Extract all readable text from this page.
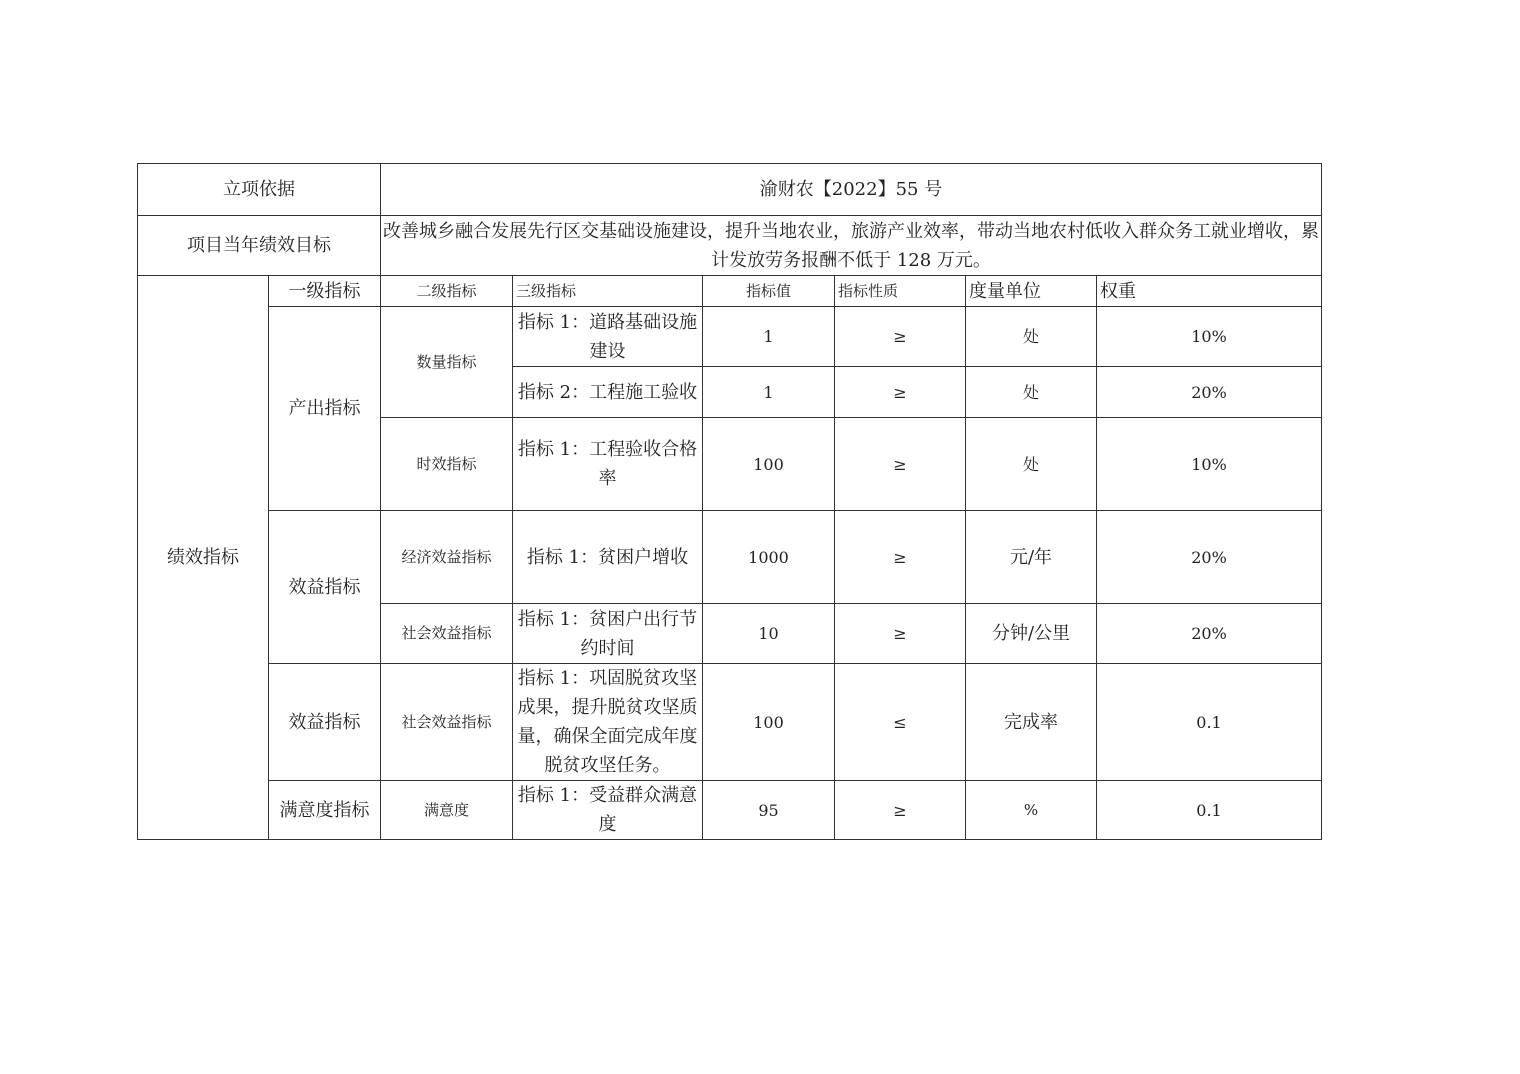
立项依据		渝财农【2022】55 号					
项目当年绩效目标		改善城乡融合发展先行区交基础设施建设，提升当地农业，旅游产业效率，带动当地农村低收入群众务工就业增收，累计发放劳务报酬不低于 128 万元。					
绩效指标	一级指标	二级指标	三级指标	指标值	指标性质	度量单位	权重
	产出指标	数量指标	指标 1：道路基础设施建设	1	≥	处	10%
			指标 2：工程施工验收	1	≥	处	20%
		时效指标	指标 1：工程验收合格率	100	≥	处	10%
	效益指标	经济效益指标	指标 1：贫困户增收	1000	≥	元/年	20%
		社会效益指标	指标 1：贫困户出行节约时间	10	≥	分钟/公里	20%
	效益指标	社会效益指标	指标 1：巩固脱贫攻坚成果，提升脱贫攻坚质量，确保全面完成年度脱贫攻坚任务。	100	≤	完成率	0.1
	满意度指标	满意度	指标 1：受益群众满意度	95	≥	%	0.1
